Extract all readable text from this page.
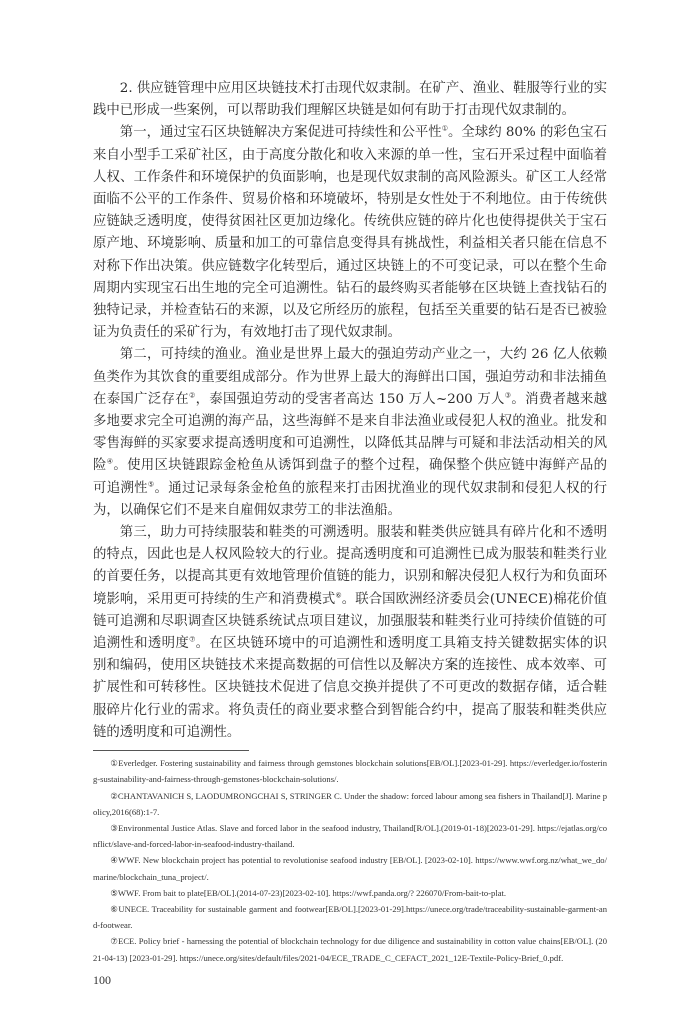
2. 供应链管理中应用区块链技术打击现代奴隶制。在矿产、渔业、鞋服等行业的实践中已形成一些案例，可以帮助我们理解区块链是如何有助于打击现代奴隶制的。

第一，通过宝石区块链解决方案促进可持续性和公平性①。全球约 80% 的彩色宝石来自小型手工采矿社区，由于高度分散化和收入来源的单一性，宝石开采过程中面临着人权、工作条件和环境保护的负面影响，也是现代奴隶制的高风险源头。矿区工人经常面临不公平的工作条件、贸易价格和环境破坏，特别是女性处于不利地位。由于传统供应链缺乏透明度，使得贫困社区更加边缘化。传统供应链的碎片化也使得提供关于宝石原产地、环境影响、质量和加工的可靠信息变得具有挑战性，利益相关者只能在信息不对称下作出决策。供应链数字化转型后，通过区块链上的不可变记录，可以在整个生命周期内实现宝石出生地的完全可追溯性。钻石的最终购买者能够在区块链上查找钻石的独特记录，并检查钻石的来源，以及它所经历的旅程，包括至关重要的钻石是否已被验证为负责任的采矿行为，有效地打击了现代奴隶制。

第二，可持续的渔业。渔业是世界上最大的强迫劳动产业之一，大约 26 亿人依赖鱼类作为其饮食的重要组成部分。作为世界上最大的海鲜出口国，强迫劳动和非法捕鱼在泰国广泛存在②，泰国强迫劳动的受害者高达 150 万人~200 万人③。消费者越来越多地要求完全可追溯的海产品，这些海鲜不是来自非法渔业或侵犯人权的渔业。批发和零售海鲜的买家要求提高透明度和可追溯性，以降低其品牌与可疑和非法活动相关的风险④。使用区块链跟踪金枪鱼从诱饵到盘子的整个过程，确保整个供应链中海鲜产品的可追溯性⑤。通过记录每条金枪鱼的旅程来打击困扰渔业的现代奴隶制和侵犯人权的行为，以确保它们不是来自雇佣奴隶劳工的非法渔船。

第三，助力可持续服装和鞋类的可溯透明。服装和鞋类供应链具有碎片化和不透明的特点，因此也是人权风险较大的行业。提高透明度和可追溯性已成为服装和鞋类行业的首要任务，以提高其更有效地管理价值链的能力，识别和解决侵犯人权行为和负面环境影响，采用更可持续的生产和消费模式⑥。联合国欧洲经济委员会(UNECE)棉花价值链可追溯和尽职调查区块链系统试点项目建议，加强服装和鞋类行业可持续价值链的可追溯性和透明度⑦。在区块链环境中的可追溯性和透明度工具箱支持关键数据实体的识别和编码，使用区块链技术来提高数据的可信性以及解决方案的连接性、成本效率、可扩展性和可转移性。区块链技术促进了信息交换并提供了不可更改的数据存储，适合鞋服碎片化行业的需求。将负责任的商业要求整合到智能合约中，提高了服装和鞋类供应链的透明度和可追溯性。

①Everledger. Fostering sustainability and fairness through gemstones blockchain solutions[EB/OL].[2023-01-29]. https://everledger.io/fostering-sustainability-and-fairness-through-gemstones-blockchain-solutions/.

②CHANTAVANICH S, LAODUMRONGCHAI S, STRINGER C. Under the shadow: forced labour among sea fishers in Thailand[J]. Marine policy,2016(68):1-7.

③Environmental Justice Atlas. Slave and forced labor in the seafood industry, Thailand[R/OL].(2019-01-18)[2023-01-29]. https://ejatlas.org/conflict/slave-and-forced-labor-in-seafood-industry-thailand.

④WWF. New blockchain project has potential to revolutionise seafood industry [EB/OL]. [2023-02-10]. https://www.wwf.org.nz/what_we_do/marine/blockchain_tuna_project/.

⑤WWF. From bait to plate[EB/OL].(2014-07-23)[2023-02-10]. https://wwf.panda.org/? 226070/From-bait-to-plat.

⑥UNECE. Traceability for sustainable garment and footwear[EB/OL].[2023-01-29].https://unece.org/trade/traceability-sustainable-garment-and-footwear.

⑦ECE. Policy brief - harnessing the potential of blockchain technology for due diligence and sustainability in cotton value chains[EB/OL]. (2021-04-13) [2023-01-29]. https://unece.org/sites/default/files/2021-04/ECE_TRADE_C_CEFACT_2021_12E-Textile-Policy-Brief_0.pdf.

100
